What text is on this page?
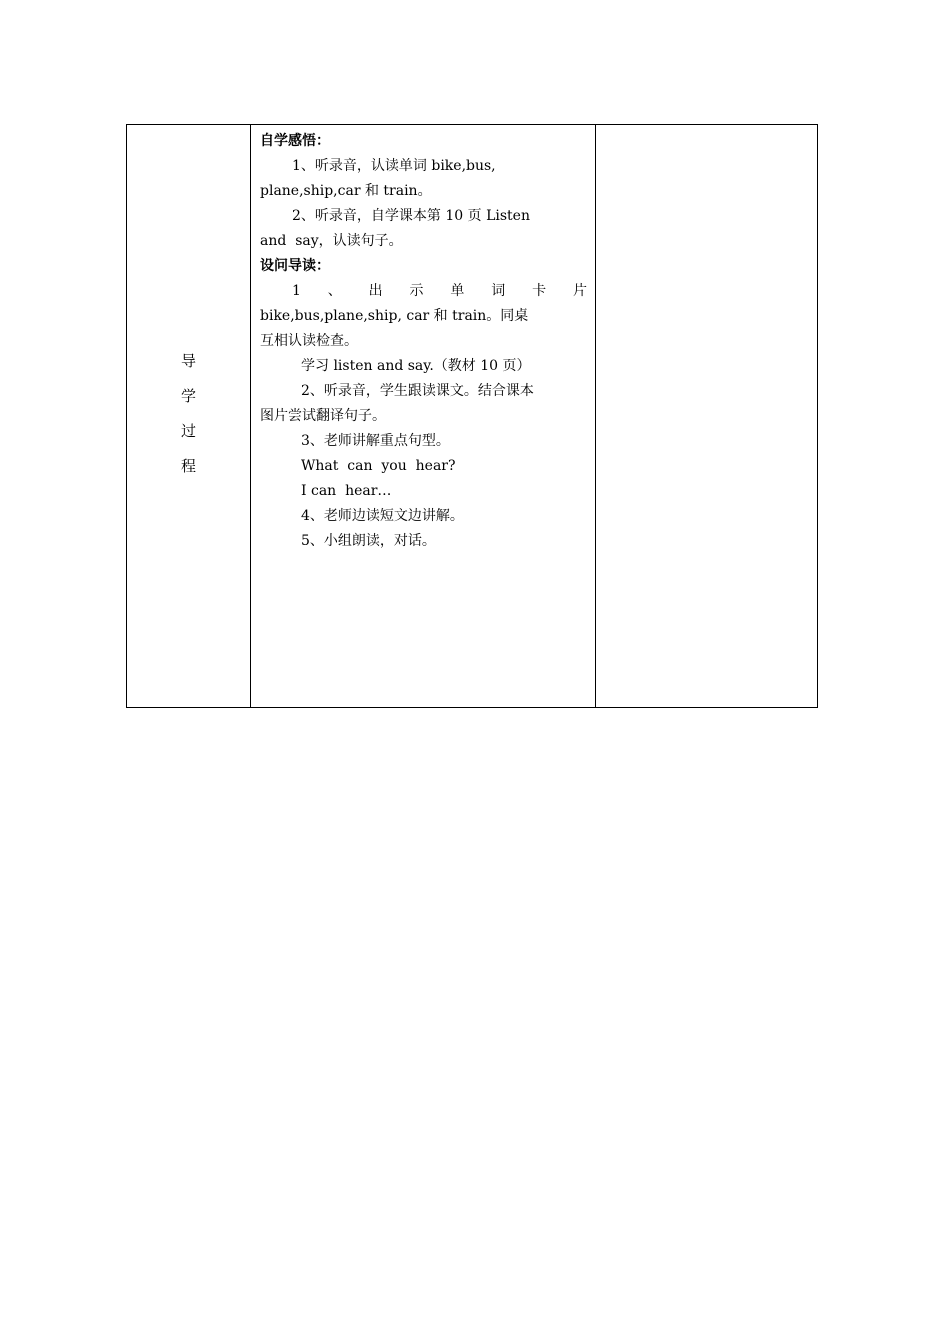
导
学
过
程

自学感悟：
1、听录音，认读单词 bike,bus,
plane,ship,car 和 train。
2、听录音，自学课本第 10 页 Listen
and  say，认读句子。
设问导读：
1 、 出 示 单 词 卡 片
bike,bus,plane,ship, car 和 train。同桌
互相认读检查。
学习 listen and say.（教材 10 页）
2、听录音，学生跟读课文。结合课本
图片尝试翻译句子。
3、老师讲解重点句型。
What  can  you  hear?
I can  hear…
4、老师边读短文边讲解。
5、小组朗读，对话。
